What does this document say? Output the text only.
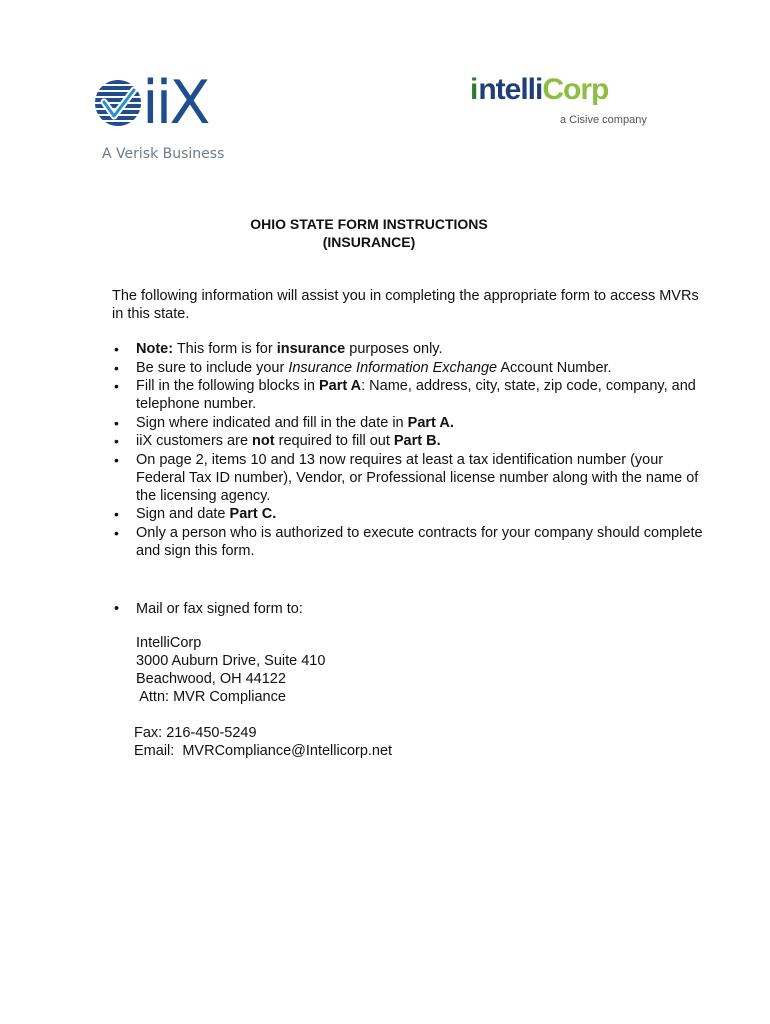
iiX
A Verisk Business
intelliCorp
a Cisive company
OHIO STATE FORM INSTRUCTIONS
(INSURANCE)
The following information will assist you in completing the appropriate form to access MVRs in this state.
• Note: This form is for insurance purposes only.
• Be sure to include your Insurance Information Exchange Account Number.
• Fill in the following blocks in Part A: Name, address, city, state, zip code, company, and telephone number.
• Sign where indicated and fill in the date in Part A.
• iiX customers are not required to fill out Part B.
• On page 2, items 10 and 13 now requires at least a tax identification number (your Federal Tax ID number), Vendor, or Professional license number along with the name of the licensing agency.
• Sign and date Part C.
• Only a person who is authorized to execute contracts for your company should complete and sign this form.
• Mail or fax signed form to:
IntelliCorp
3000 Auburn Drive, Suite 410
Beachwood, OH 44122
Attn: MVR Compliance
Fax: 216-450-5249
Email:  MVRCompliance@Intellicorp.net
